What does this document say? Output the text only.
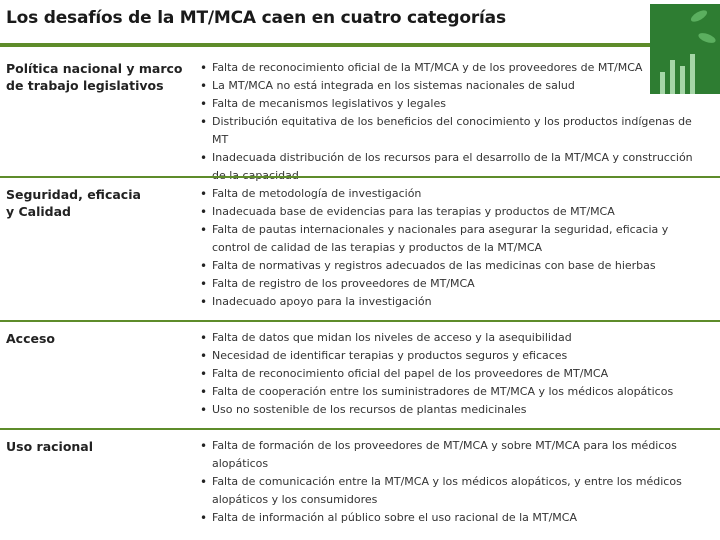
Los desafíos de la MT/MCA caen en cuatro categorías
Política nacional y marco
de trabajo legislativos
• Falta de reconocimiento oficial de la MT/MCA y de los proveedores de MT/MCA
• La MT/MCA no está integrada en los sistemas nacionales de salud
• Falta de mecanismos legislativos y legales
• Distribución equitativa de los beneficios del conocimiento y los productos indígenas de MT
• Inadecuada distribución de los recursos para el desarrollo de la MT/MCA y construcción
Seguridad, eficacia
y Calidad
• Falta de metodología de investigación
• Inadecuada base de evidencias para las terapias y productos de MT/MCA
• Falta de pautas internacionales y nacionales para asegurar la seguridad, eficacia y control de calidad de las terapias y productos de la MT/MCA
• Falta de normativas y registros adecuados de las medicinas con base de hierbas
• Falta de registro de los proveedores de MT/MCA
• Inadecuado apoyo para la investigación
Acceso	• Falta de datos que midan los niveles de acceso y la asequibilidad
• Necesidad de identificar terapias y productos seguros y eficaces
• Falta de reconocimiento oficial del papel de los proveedores de MT/MCA
• Falta de cooperación entre los suministradores de MT/MCA y los médicos alopáticos
• Uso no sostenible de los recursos de plantas medicinales
Uso racional	• Falta de formación de los proveedores de MT/MCA y sobre MT/MCA para los médicos alopáticos
• Falta de comunicación entre la MT/MCA y los médicos alopáticos, y entre los médicos alopáticos y los consumidores
• Falta de información al público sobre el uso racional de la MT/MCA
